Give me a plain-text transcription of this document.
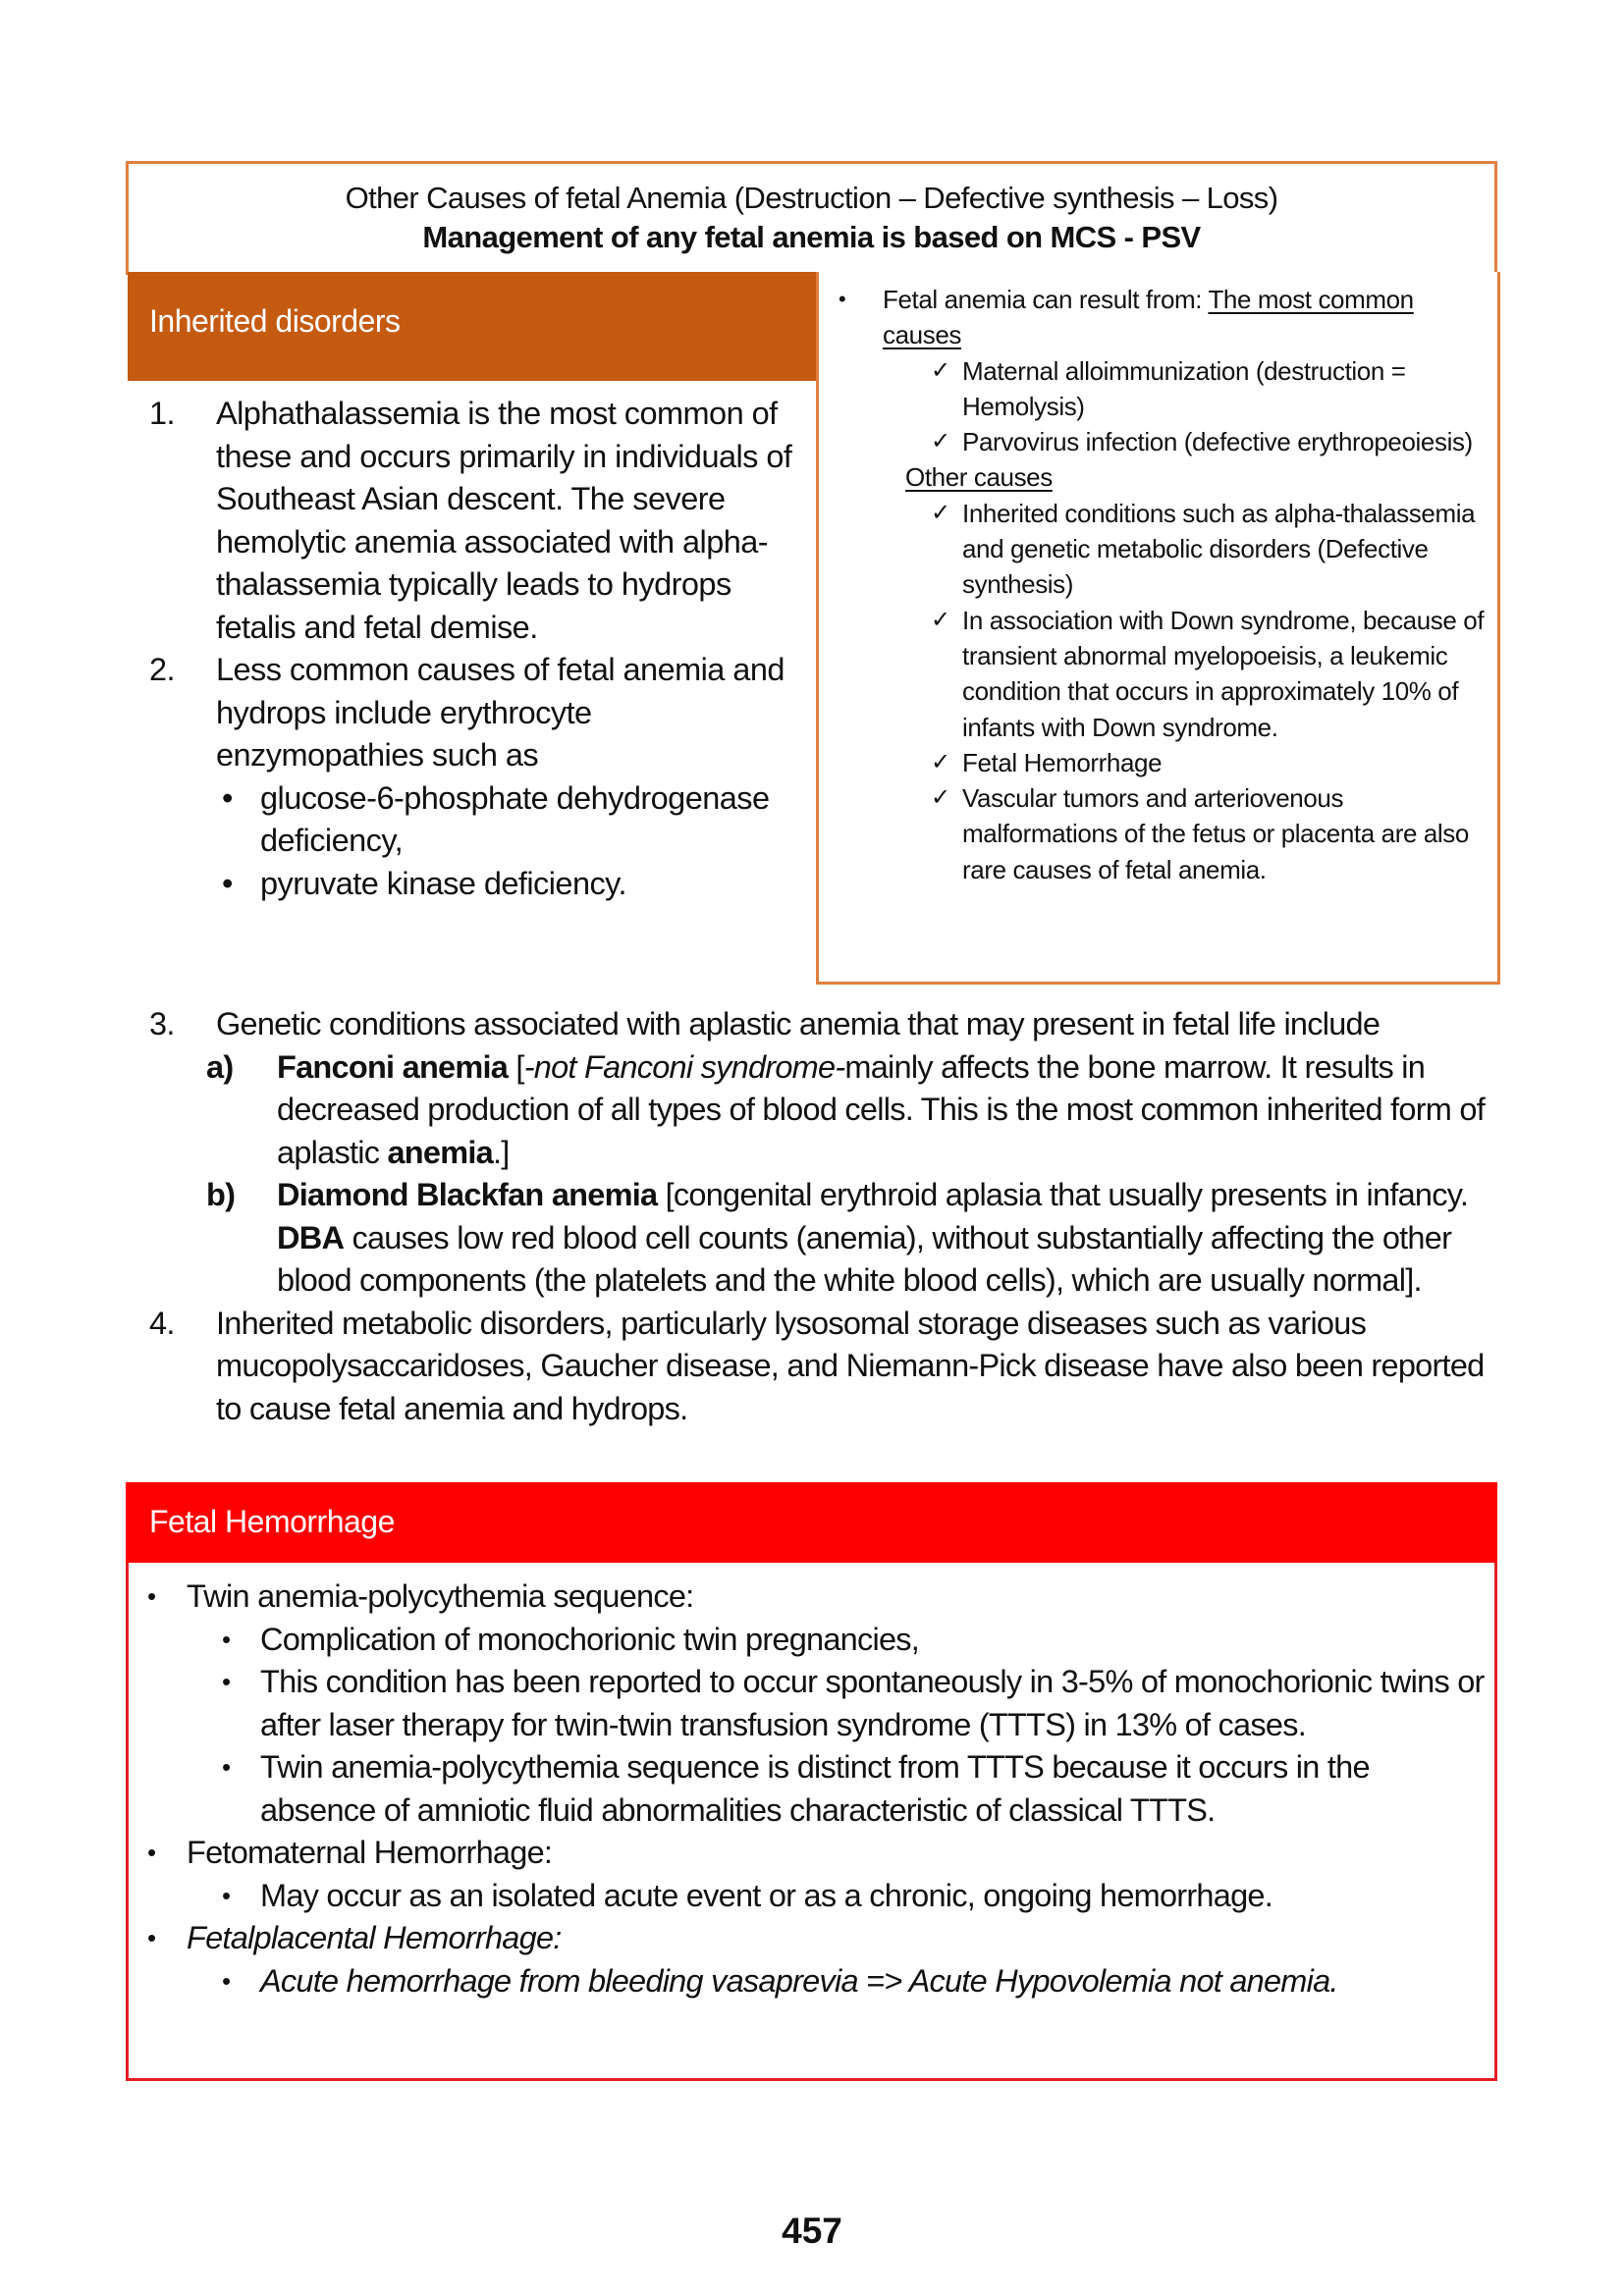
Other Causes of fetal Anemia (Destruction – Defective synthesis – Loss)
Management of any fetal anemia is based on MCS - PSV
Inherited disorders
1. Alphathalassemia is the most common of these and occurs primarily in individuals of Southeast Asian descent. The severe hemolytic anemia associated with alpha-thalassemia typically leads to hydrops fetalis and fetal demise.
2. Less common causes of fetal anemia and hydrops include erythrocyte enzymopathies such as
• glucose-6-phosphate dehydrogenase deficiency,
• pyruvate kinase deficiency.
• Fetal anemia can result from: The most common causes
✓ Maternal alloimmunization (destruction = Hemolysis)
✓ Parvovirus infection (defective erythropeoiesis)
Other causes
✓ Inherited conditions such as alpha-thalassemia and genetic metabolic disorders (Defective synthesis)
✓ In association with Down syndrome, because of transient abnormal myelopoeisis, a leukemic condition that occurs in approximately 10% of infants with Down syndrome.
✓ Fetal Hemorrhage
✓ Vascular tumors and arteriovenous malformations of the fetus or placenta are also rare causes of fetal anemia.
3. Genetic conditions associated with aplastic anemia that may present in fetal life include
a) Fanconi anemia [-not Fanconi syndrome-mainly affects the bone marrow. It results in decreased production of all types of blood cells. This is the most common inherited form of aplastic anemia.]
b) Diamond Blackfan anemia [congenital erythroid aplasia that usually presents in infancy. DBA causes low red blood cell counts (anemia), without substantially affecting the other blood components (the platelets and the white blood cells), which are usually normal].
4. Inherited metabolic disorders, particularly lysosomal storage diseases such as various mucopolysaccaridoses, Gaucher disease, and Niemann-Pick disease have also been reported to cause fetal anemia and hydrops.
Fetal Hemorrhage
• Twin anemia-polycythemia sequence:
• Complication of monochorionic twin pregnancies,
• This condition has been reported to occur spontaneously in 3-5% of monochorionic twins or after laser therapy for twin-twin transfusion syndrome (TTTS) in 13% of cases.
• Twin anemia-polycythemia sequence is distinct from TTTS because it occurs in the absence of amniotic fluid abnormalities characteristic of classical TTTS.
• Fetomaternal Hemorrhage:
• May occur as an isolated acute event or as a chronic, ongoing hemorrhage.
• Fetalplacental Hemorrhage:
• Acute hemorrhage from bleeding vasaprevia => Acute Hypovolemia not anemia.
457
